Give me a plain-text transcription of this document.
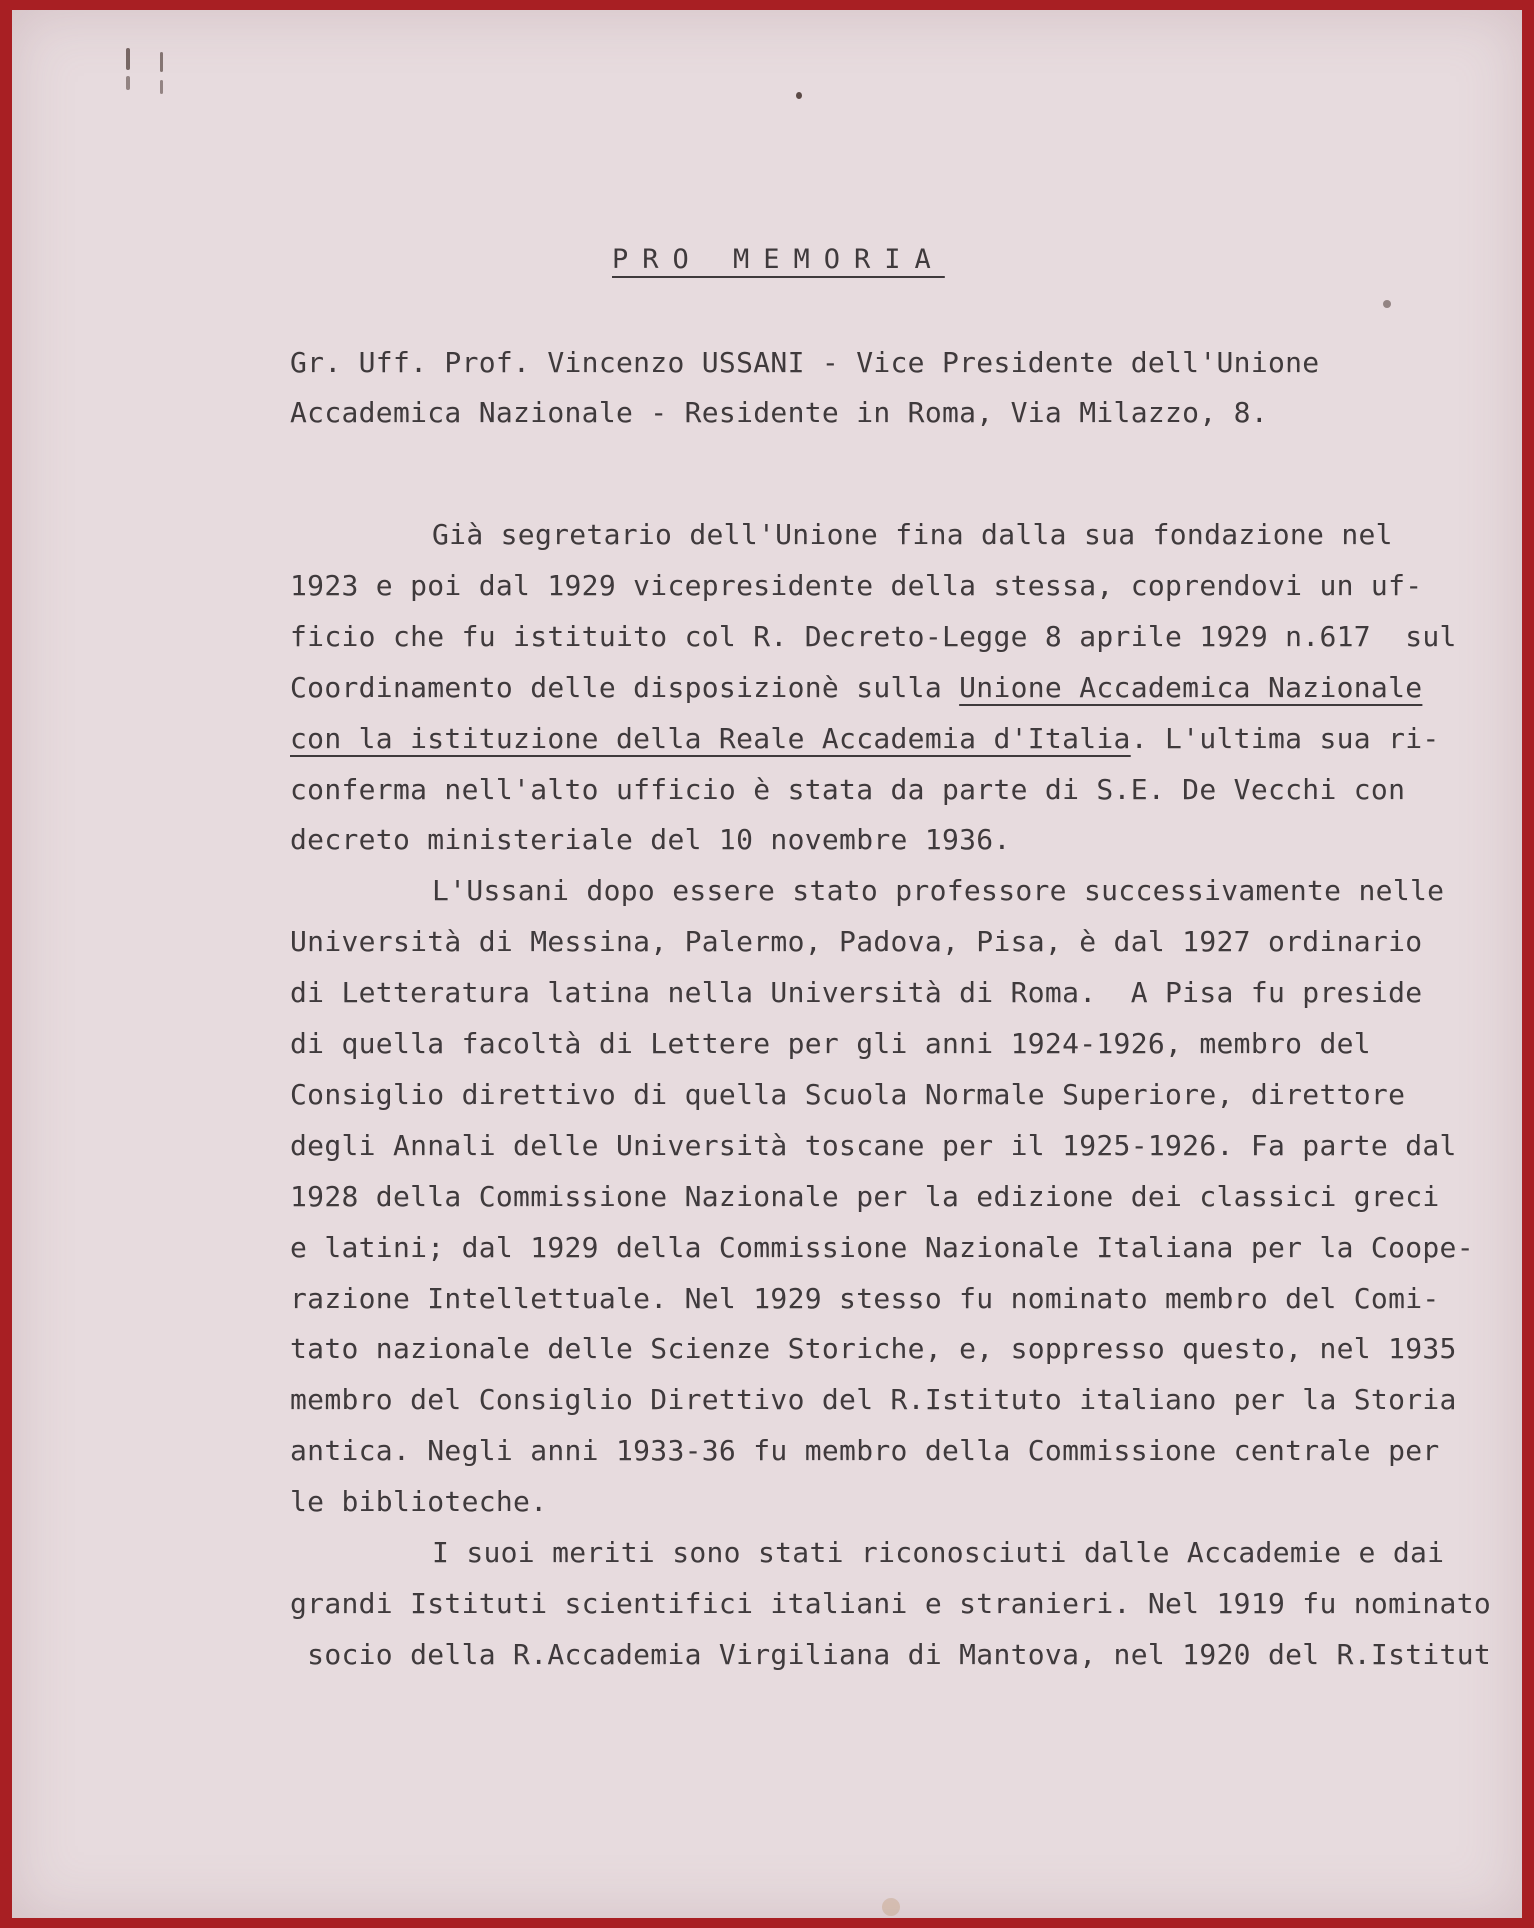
PRO MEMORIA
Gr. Uff. Prof. Vincenzo USSANI - Vice Presidente dell'Unione
Accademica Nazionale - Residente in Roma, Via Milazzo, 8.
Già segretario dell'Unione fina dalla sua fondazione nel
1923 e poi dal 1929 vicepresidente della stessa, coprendovi un uf-
ficio che fu istituito col R. Decreto-Legge 8 aprile 1929 n.617  sul
Coordinamento delle disposizionè sulla Unione Accademica Nazionale
con la istituzione della Reale Accademia d'Italia. L'ultima sua ri-
conferma nell'alto ufficio è stata da parte di S.E. De Vecchi con
decreto ministeriale del 10 novembre 1936.
L'Ussani dopo essere stato professore successivamente nelle
Università di Messina, Palermo, Padova, Pisa, è dal 1927 ordinario
di Letteratura latina nella Università di Roma.  A Pisa fu preside
di quella facoltà di Lettere per gli anni 1924-1926, membro del
Consiglio direttivo di quella Scuola Normale Superiore, direttore
degli Annali delle Università toscane per il 1925-1926. Fa parte dal
1928 della Commissione Nazionale per la edizione dei classici greci
e latini; dal 1929 della Commissione Nazionale Italiana per la Coope-
razione Intellettuale. Nel 1929 stesso fu nominato membro del Comi-
tato nazionale delle Scienze Storiche, e, soppresso questo, nel 1935
membro del Consiglio Direttivo del R.Istituto italiano per la Storia
antica. Negli anni 1933-36 fu membro della Commissione centrale per
le biblioteche.
I suoi meriti sono stati riconosciuti dalle Accademie e dai
grandi Istituti scientifici italiani e stranieri. Nel 1919 fu nominato
socio della R.Accademia Virgiliana di Mantova, nel 1920 del R.Istitut
